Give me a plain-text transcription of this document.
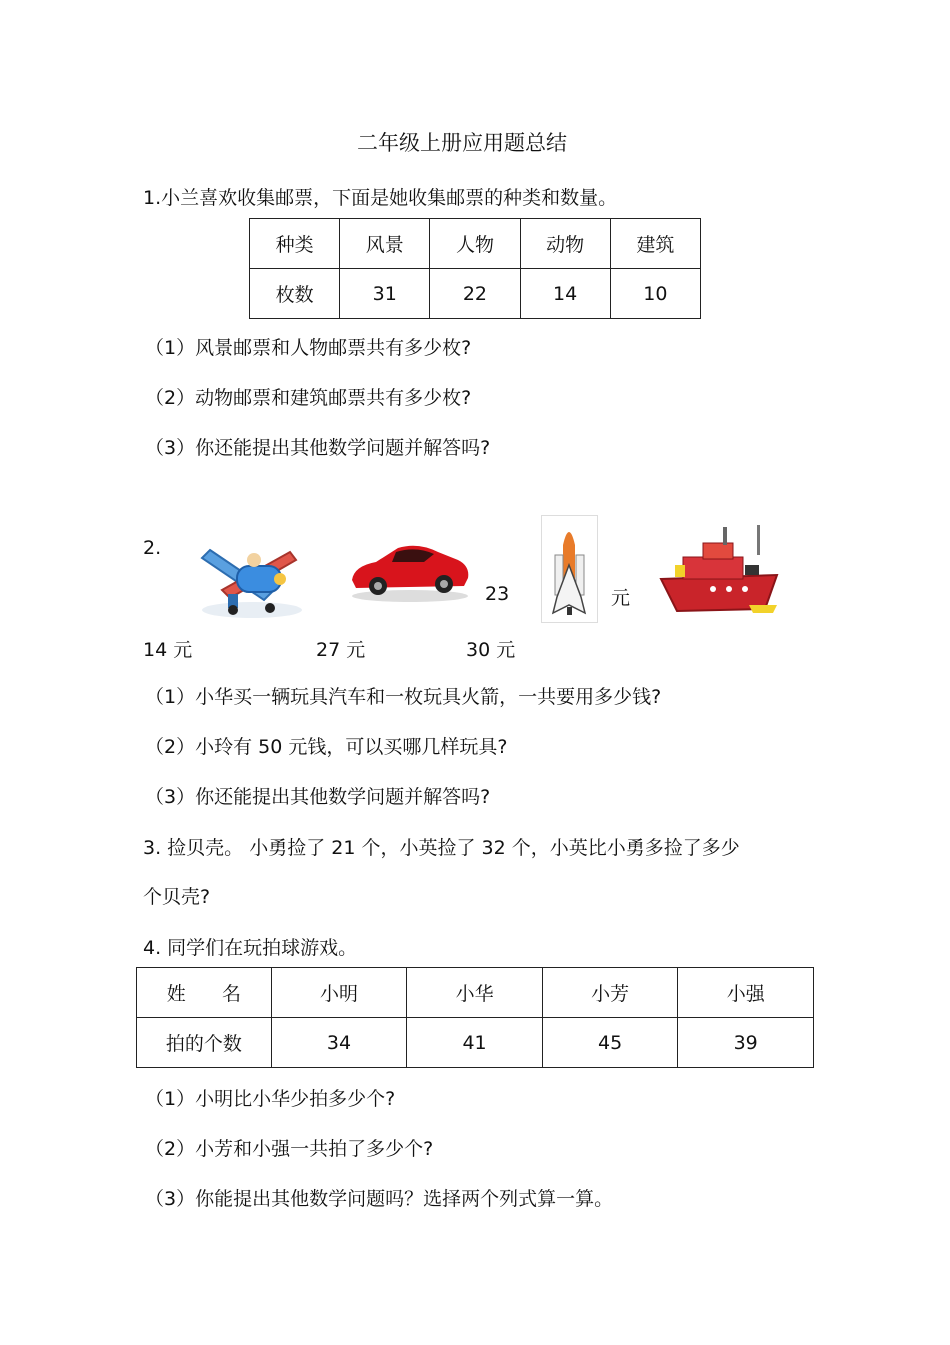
二年级上册应用题总结
1.小兰喜欢收集邮票，下面是她收集邮票的种类和数量。
种类	风景	人物	动物	建筑
枚数	31	22	14	10
（1）风景邮票和人物邮票共有多少枚?
（2）动物邮票和建筑邮票共有多少枚?
（3）你还能提出其他数学问题并解答吗?
2.
23	元
14 元	27 元	30 元
（1）小华买一辆玩具汽车和一枚玩具火箭，一共要用多少钱?
（2）小玲有 50 元钱，可以买哪几样玩具?
（3）你还能提出其他数学问题并解答吗?
3. 捡贝壳。 小勇捡了 21 个，小英捡了 32 个，小英比小勇多捡了多少
个贝壳?
4. 同学们在玩拍球游戏。
姓      名	小明	小华	小芳	小强
拍的个数	34	41	45	39
（1）小明比小华少拍多少个?
（2）小芳和小强一共拍了多少个?
（3）你能提出其他数学问题吗？选择两个列式算一算。
